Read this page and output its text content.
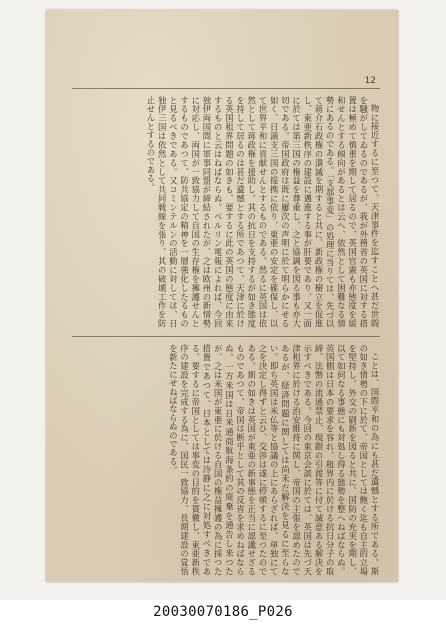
12

物に接近するに至つて、天津事件を迄すことへ甚だ世間を騒がしてゐるのであるが、我が外務省の英国に対する措置は極めて慎重を期して居るので、英国官憲も亦態度を緩和せんとする傾向があるとは云へ、依然として困難なる情勢にあるのである。「支那事変」の処理に当りては、先づ以て蒋介石政権の潰滅を期すると共に、新政権の樹立を促進し、東亜新秩序の建設に邁進する事が肝要であり、又一面に於ては第三国の権益を尊重し、之と協調を図る事も亦大切である。帝国政府は既に屢次の声明に於て明らかにせる如く、日満支三国の提携に依り、東亜の安定を確保し、以て世界平和に貢献せんとするものである。然るに英国は依然として蒋政権を援助し、其の抗日を支持するが如き態度を持して居るのは甚だ遺憾とする所であつて、天津に於ける英国租界問題の如きも、要するに此の英国の態度に由来するものと云はねばならぬ。ベルリン電報によれば、今回独伊両国間に軍事同盟が締結されたが、之は欧州の新情勢に対応し、両国が一致協力して自国の生存権を擁護せんとするものであつて、防共協定の精神を一層強化したるものと見るべきである。又コミンテルンの活動に対しては、日独伊三国は依然として共同戦線を張り、其の破壊工作を防止せんとするのである。

ことは、国際平和の為にも甚だ遺憾とする所である。斯の如き情勢の下に於て、帝国としては飽く迄も自主的立場を堅持し、外交の刷新を図ると共に、国防の充実を期し、以て如何なる事態にも対処し得る態勢を整へねばならぬ。英国側は日本の要求を容れ、租界内に於ける抗日分子の取締、法幣の流通禁止、現銀の引渡等に付て誠意ある解決を示すべきである。今回の東京会談に於ては、英国は先づ天津租界に於ける治安維持に関し、帝国の主張を認めたのであるが、経済問題に関しては尚未だ解決を見るに至らない。即ち英国は米仏等と協議の上にあらざれば、単独にて之を決定し得ずと云ひ、交渉は遂に停頓するに至つたのである。斯の如きは英国が東亜の新事態を正当に認識せざるものであつて、帝国は断乎として其の反省を求めねばならぬ。一方米国は日米通商航海条約の廃棄を通告し来つたが、之は米国が東亜に於ける自国の権益擁護の為に採つた措置であつて、日本としては冷静に之に対処すべきである。要するに帝国としては事変の目的を貫徹し、東亜新秩序の建設を完成する為に、国民一致協力、長期建設の覚悟を新たにせねばならぬのである。

20030070186_P026
